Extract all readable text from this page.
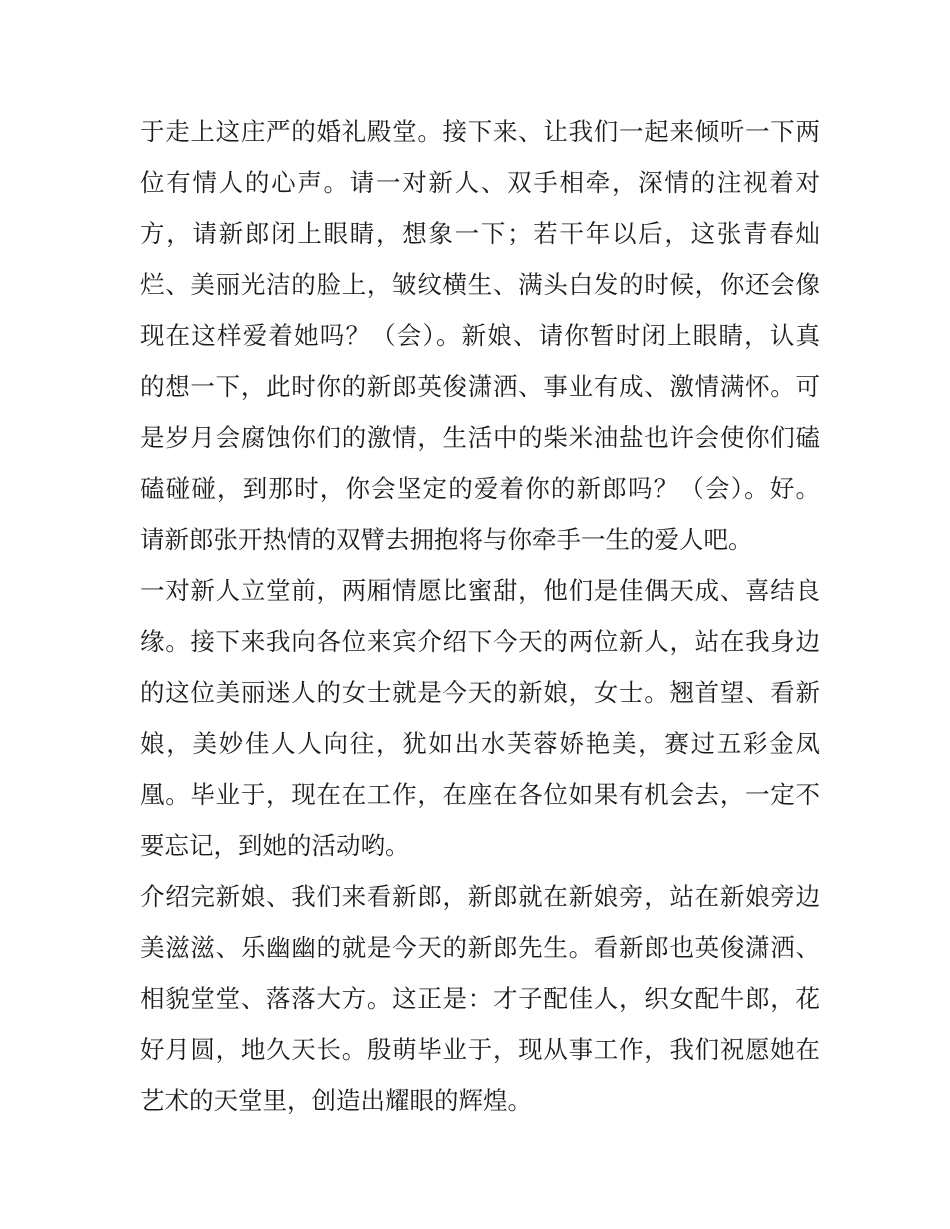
于走上这庄严的婚礼殿堂。接下来、让我们一起来倾听一下两
位有情人的心声。请一对新人、双手相牵，深情的注视着对
方，请新郎闭上眼睛，想象一下；若干年以后，这张青春灿
烂、美丽光洁的脸上，皱纹横生、满头白发的时候，你还会像
现在这样爱着她吗？（会）。新娘、请你暂时闭上眼睛，认真
的想一下，此时你的新郎英俊潇洒、事业有成、激情满怀。可
是岁月会腐蚀你们的激情，生活中的柴米油盐也许会使你们磕
磕碰碰，到那时，你会坚定的爱着你的新郎吗？（会）。好。
请新郎张开热情的双臂去拥抱将与你牵手一生的爱人吧。
一对新人立堂前，两厢情愿比蜜甜，他们是佳偶天成、喜结良
缘。接下来我向各位来宾介绍下今天的两位新人，站在我身边
的这位美丽迷人的女士就是今天的新娘，女士。翘首望、看新
娘，美妙佳人人向往，犹如出水芙蓉娇艳美，赛过五彩金凤
凰。毕业于，现在在工作，在座在各位如果有机会去，一定不
要忘记，到她的活动哟。
介绍完新娘、我们来看新郎，新郎就在新娘旁，站在新娘旁边
美滋滋、乐幽幽的就是今天的新郎先生。看新郎也英俊潇洒、
相貌堂堂、落落大方。这正是：才子配佳人，织女配牛郎，花
好月圆，地久天长。殷萌毕业于，现从事工作，我们祝愿她在
艺术的天堂里，创造出耀眼的辉煌。
